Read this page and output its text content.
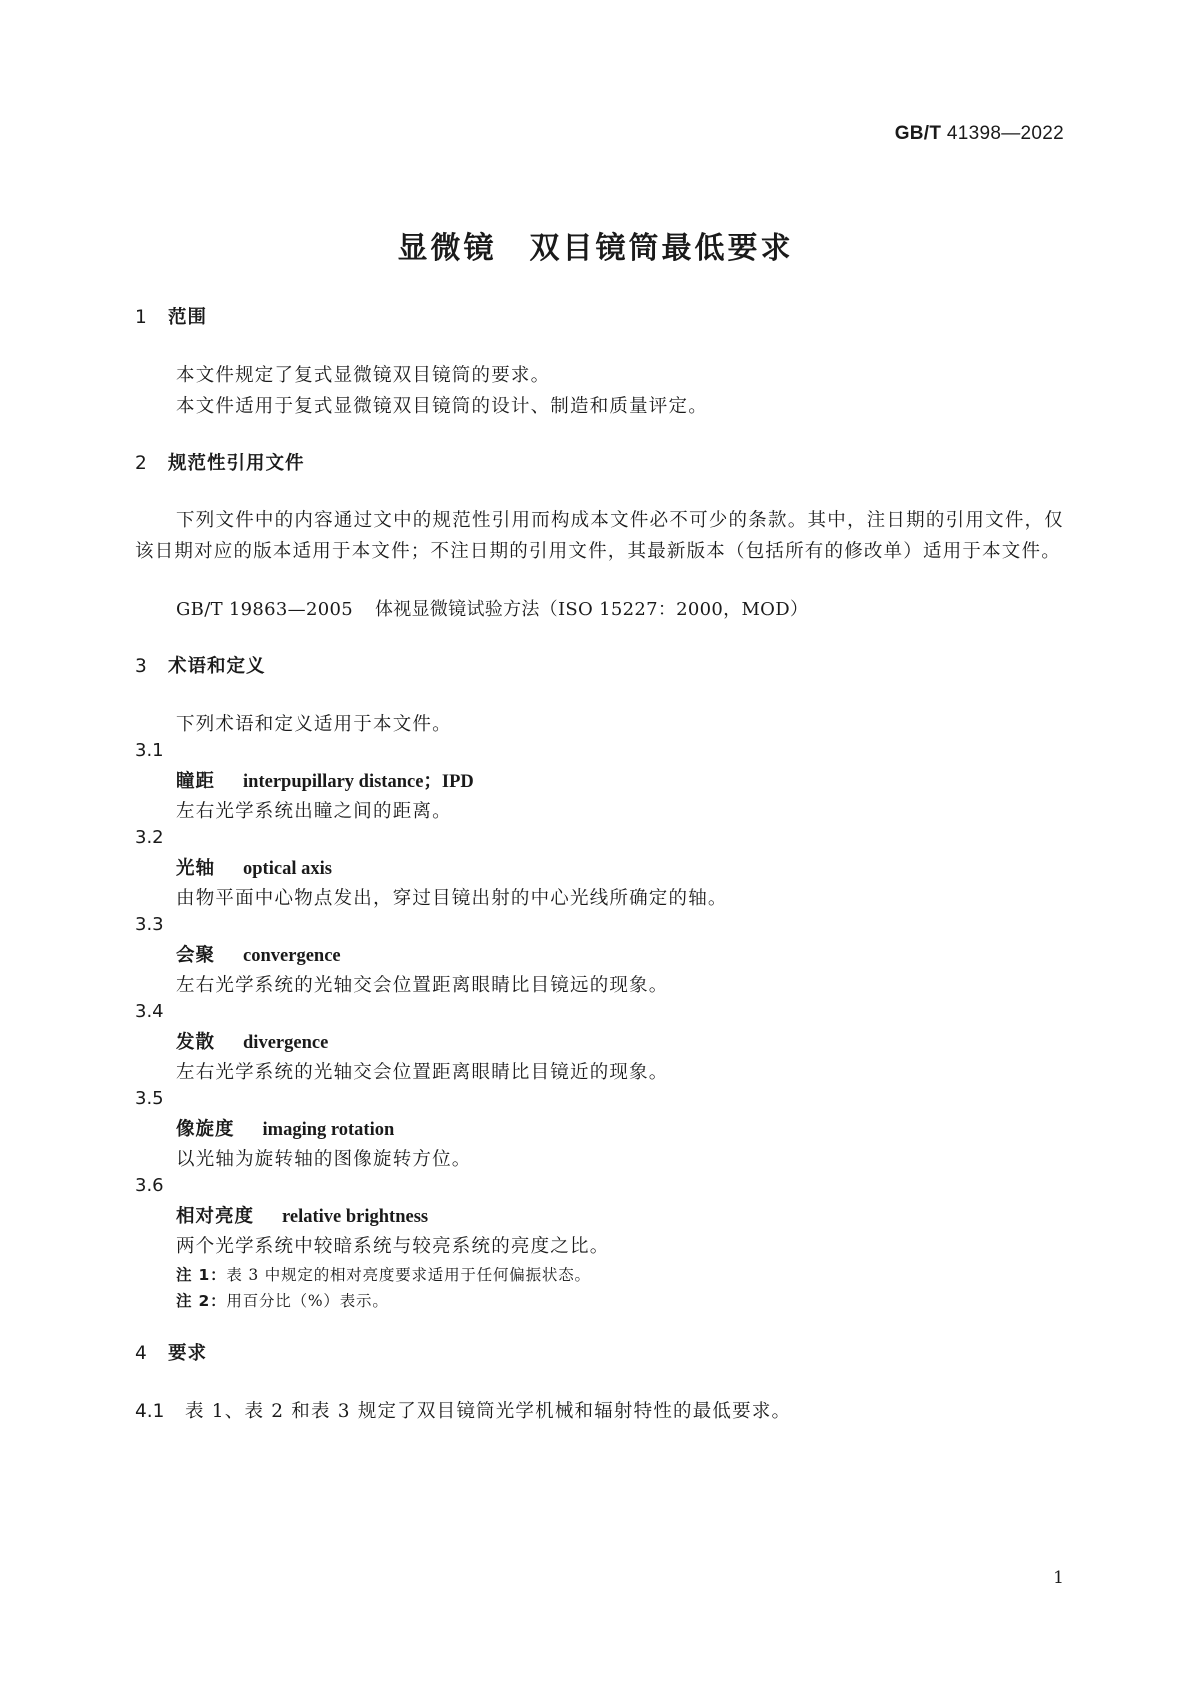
GB/T 41398—2022
显微镜　双目镜筒最低要求
1 范围
本文件规定了复式显微镜双目镜筒的要求。
本文件适用于复式显微镜双目镜筒的设计、制造和质量评定。
2 规范性引用文件
下列文件中的内容通过文中的规范性引用而构成本文件必不可少的条款。其中，注日期的引用文件，仅该日期对应的版本适用于本文件；不注日期的引用文件，其最新版本（包括所有的修改单）适用于本文件。
GB/T 19863—2005 体视显微镜试验方法（ISO 15227：2000，MOD）
3 术语和定义
下列术语和定义适用于本文件。
3.1
瞳距 interpupillary distance；IPD
左右光学系统出瞳之间的距离。
3.2
光轴 optical axis
由物平面中心物点发出，穿过目镜出射的中心光线所确定的轴。
3.3
会聚 convergence
左右光学系统的光轴交会位置距离眼睛比目镜远的现象。
3.4
发散 divergence
左右光学系统的光轴交会位置距离眼睛比目镜近的现象。
3.5
像旋度 imaging rotation
以光轴为旋转轴的图像旋转方位。
3.6
相对亮度 relative brightness
两个光学系统中较暗系统与较亮系统的亮度之比。
注 1：表 3 中规定的相对亮度要求适用于任何偏振状态。
注 2：用百分比（%）表示。
4 要求
4.1 表 1、表 2 和表 3 规定了双目镜筒光学机械和辐射特性的最低要求。
1
